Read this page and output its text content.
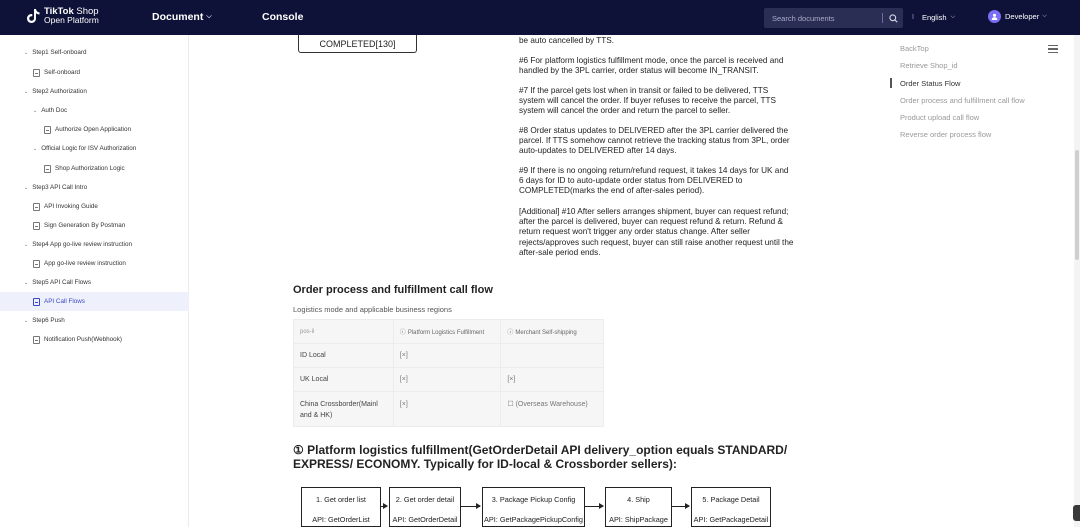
TikTok Shop
Open Platform	Document ⌵	Console	Search documents	I English ⌵	Developer ⌵
⌄ Step1 Self-onboard
Self-onboard
⌄ Step2 Authorization
⌄ Auth Doc
Authorize Open Application
⌄ Official Logic for ISV Authorization
Shop Authorization Logic
⌄ Step3 API Call Intro
API Invoking Guide
Sign Generation By Postman
⌄ Step4 App go-live review instruction
App go-live review instruction
⌄ Step5 API Call Flows
API Call Flows
⌄ Step6 Push
Notification Push(Webhook)
COMPLETED[130]	be auto cancelled by TTS.
#6 For platform logistics fulfillment mode, once the parcel is received and handled by the 3PL carrier, order status will become IN_TRANSIT.
#7 If the parcel gets lost when in transit or failed to be delivered, TTS system will cancel the order. If buyer refuses to receive the parcel, TTS system will cancel the order and return the parcel to seller.
#8 Order status updates to DELIVERED after the 3PL carrier delivered the parcel. If TTS somehow cannot retrieve the tracking status from 3PL, order auto-updates to DELIVERED after 14 days.
#9 If there is no ongoing return/refund request, it takes 14 days for UK and 6 days for ID to auto-update order status from DELIVERED to COMPLETED(marks the end of after-sales period).
[Additional] #10 After sellers arranges shipment, buyer can request refund; after the parcel is delivered, buyer can request refund & return. Refund & return request won't trigger any order status change. After seller rejects/approves such request, buyer can still raise another request until the after-sale period ends.
Order process and fulfillment call flow
Logistics mode and applicable business regions
pos-il	ⓘ Platform Logistics Fulfillment	ⓘ Merchant Self-shipping
ID Local	[×]	
UK Local	[×]	[×]
China Crossborder(Mainl and & HK)	[×]	☐ (Overseas Warehouse)
① Platform logistics fulfillment(GetOrderDetail API delivery_option equals STANDARD/ EXPRESS/ ECONOMY. Typically for ID-local & Crossborder sellers):
1. Get order list
API: GetOrderList
2. Get order detail
API: GetOrderDetail
3. Package Pickup Config
API: GetPackagePickupConfig
4. Ship
API: ShipPackage
5. Package Detail
API: GetPackageDetail
BackTop
Retrieve Shop_id
Order Status Flow
Order process and fulfillment call flow
Product upload call flow
Reverse order process flow
